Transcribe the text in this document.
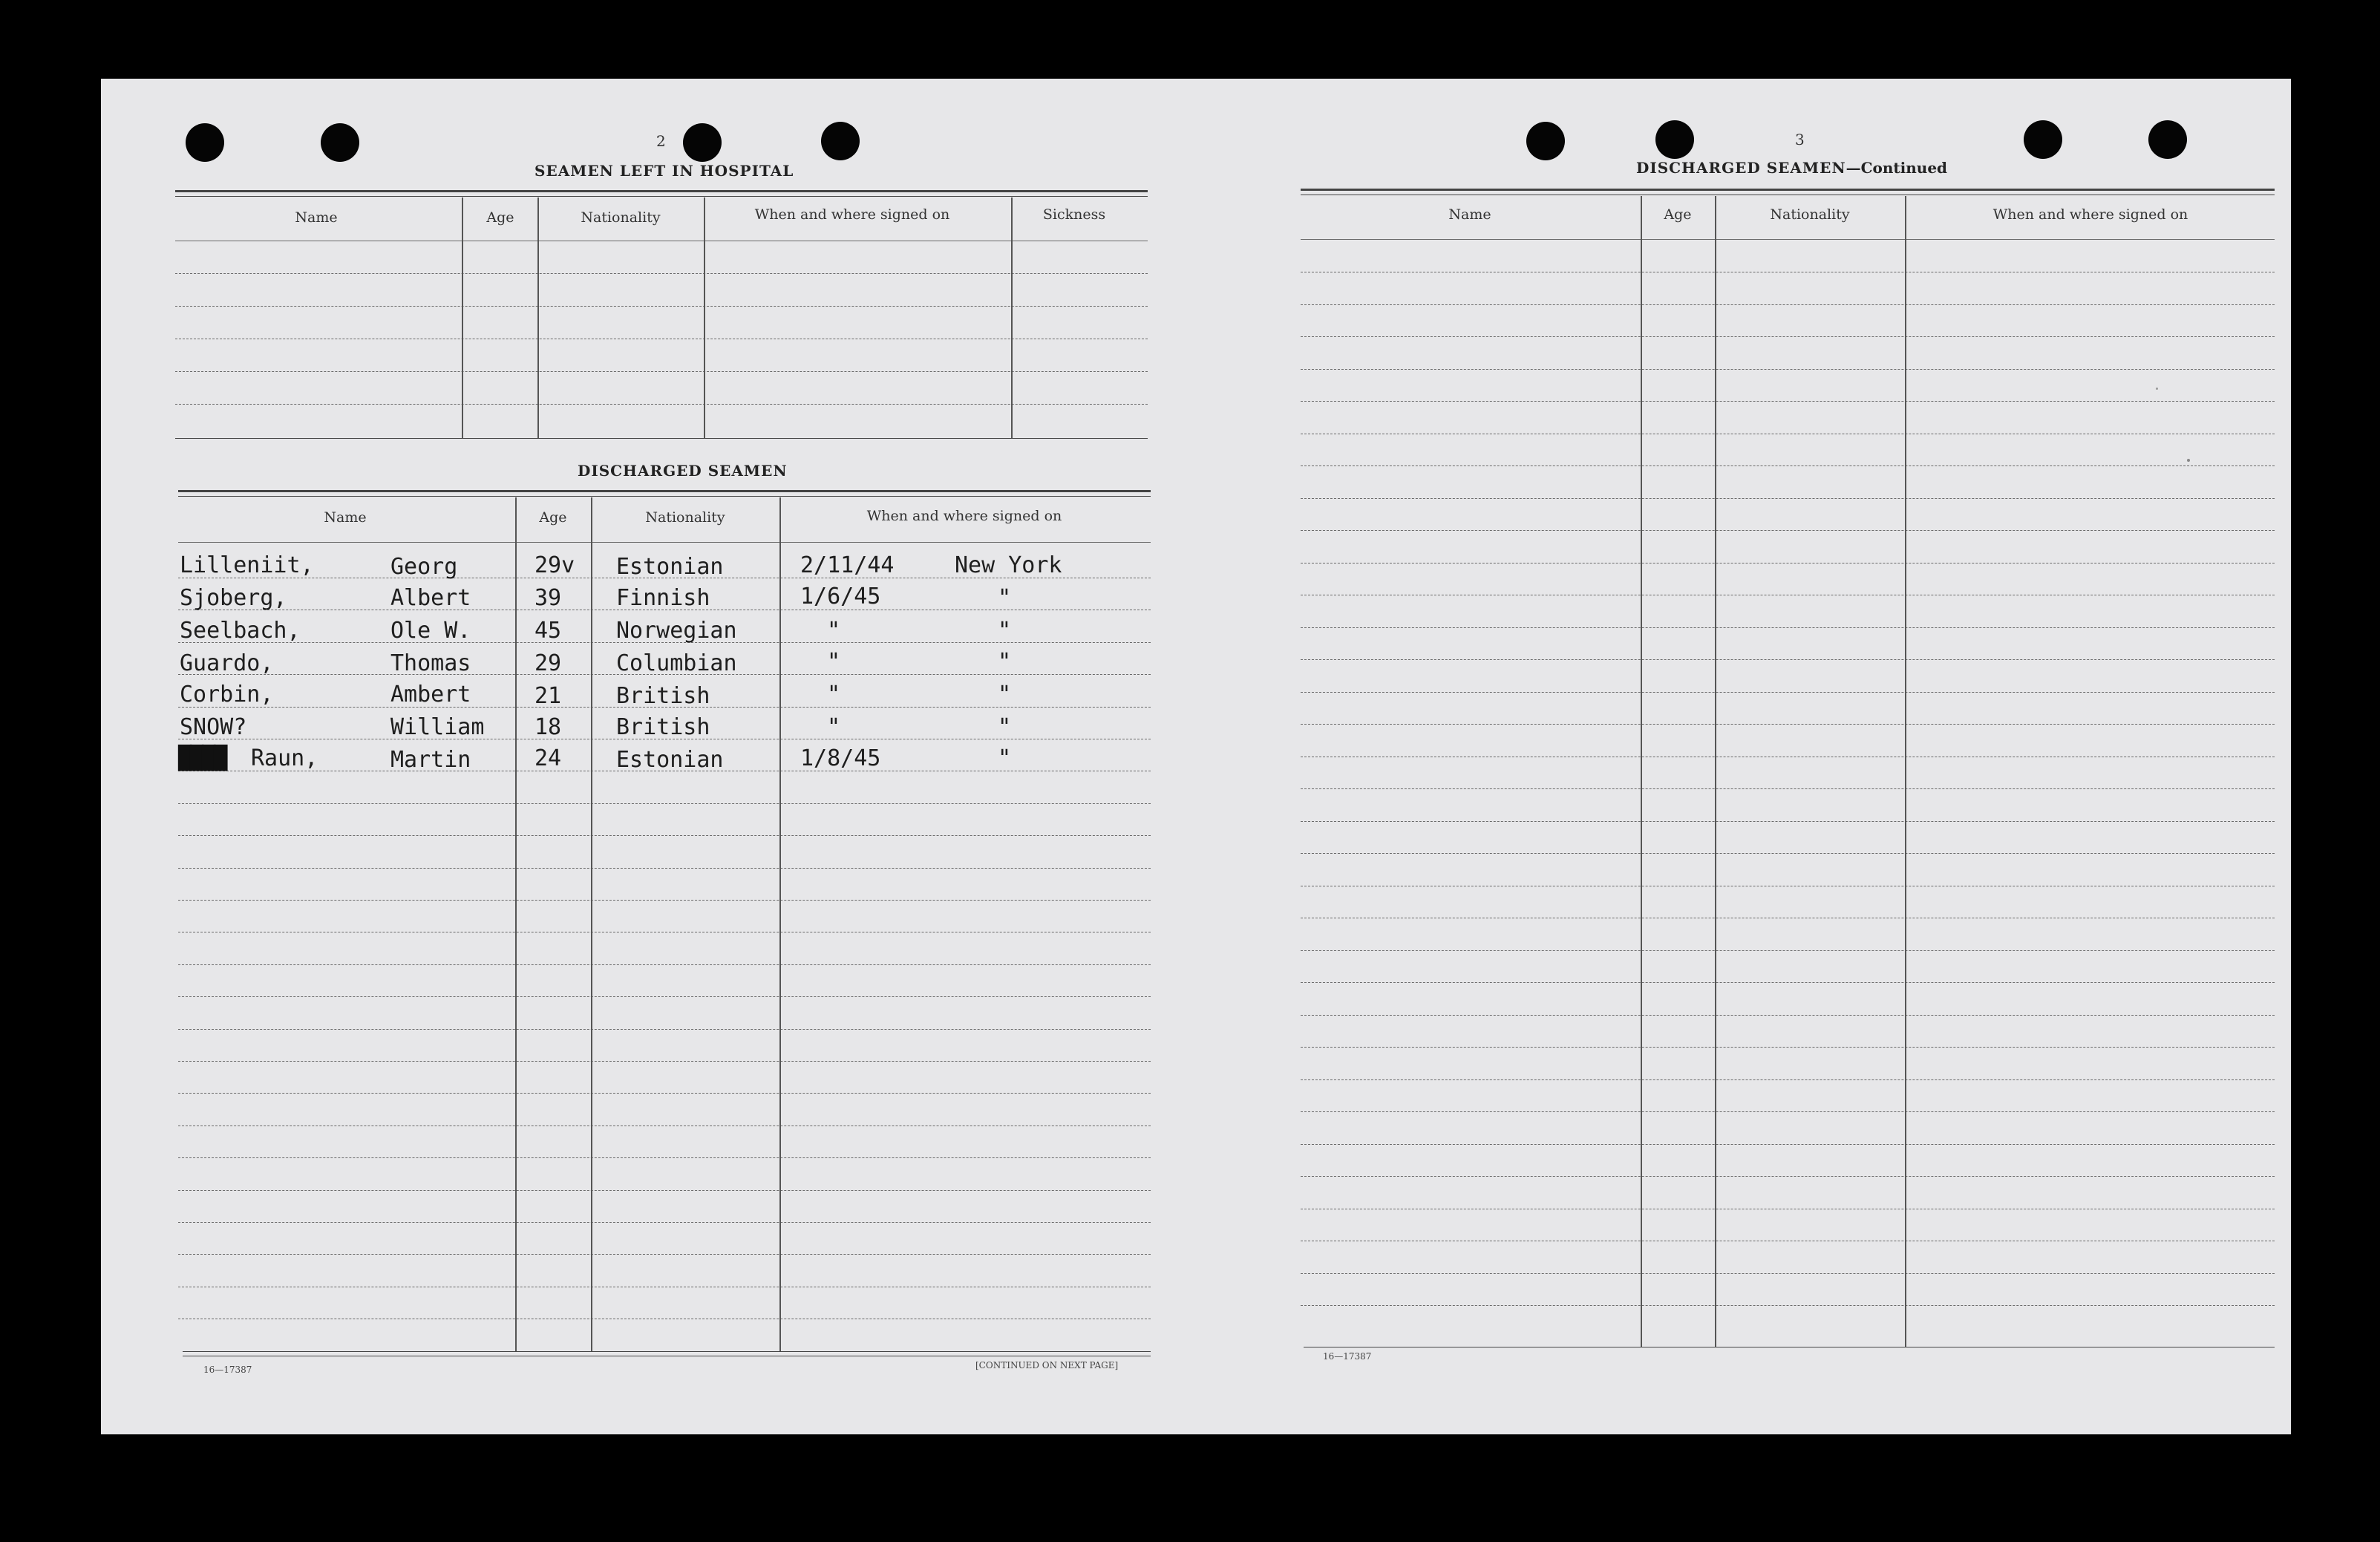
2
SEAMEN LEFT IN HOSPITAL
Name	Age	Nationality	When and where signed on	Sickness
DISCHARGED SEAMEN
Name	Age	Nationality	When and where signed on
Lilleniit,	Georg	29v Estonian	2/11/44	New York
Sjoberg,	Albert	39 Finnish	1/6/45	"
Seelbach,	Ole W.	45 Norwegian	"	"
Guardo,	Thomas	29 Columbian	"	"
Corbin,	Ambert	21 British	"	"
SNOW?	William 18 British	"	"
████ Raun,	Martin	24 Estonian	1/8/45	"
16—17387	[CONTINUED ON NEXT PAGE]
3
DISCHARGED SEAMEN—Continued
Name	Age	Nationality	When and where signed on
16—17387
